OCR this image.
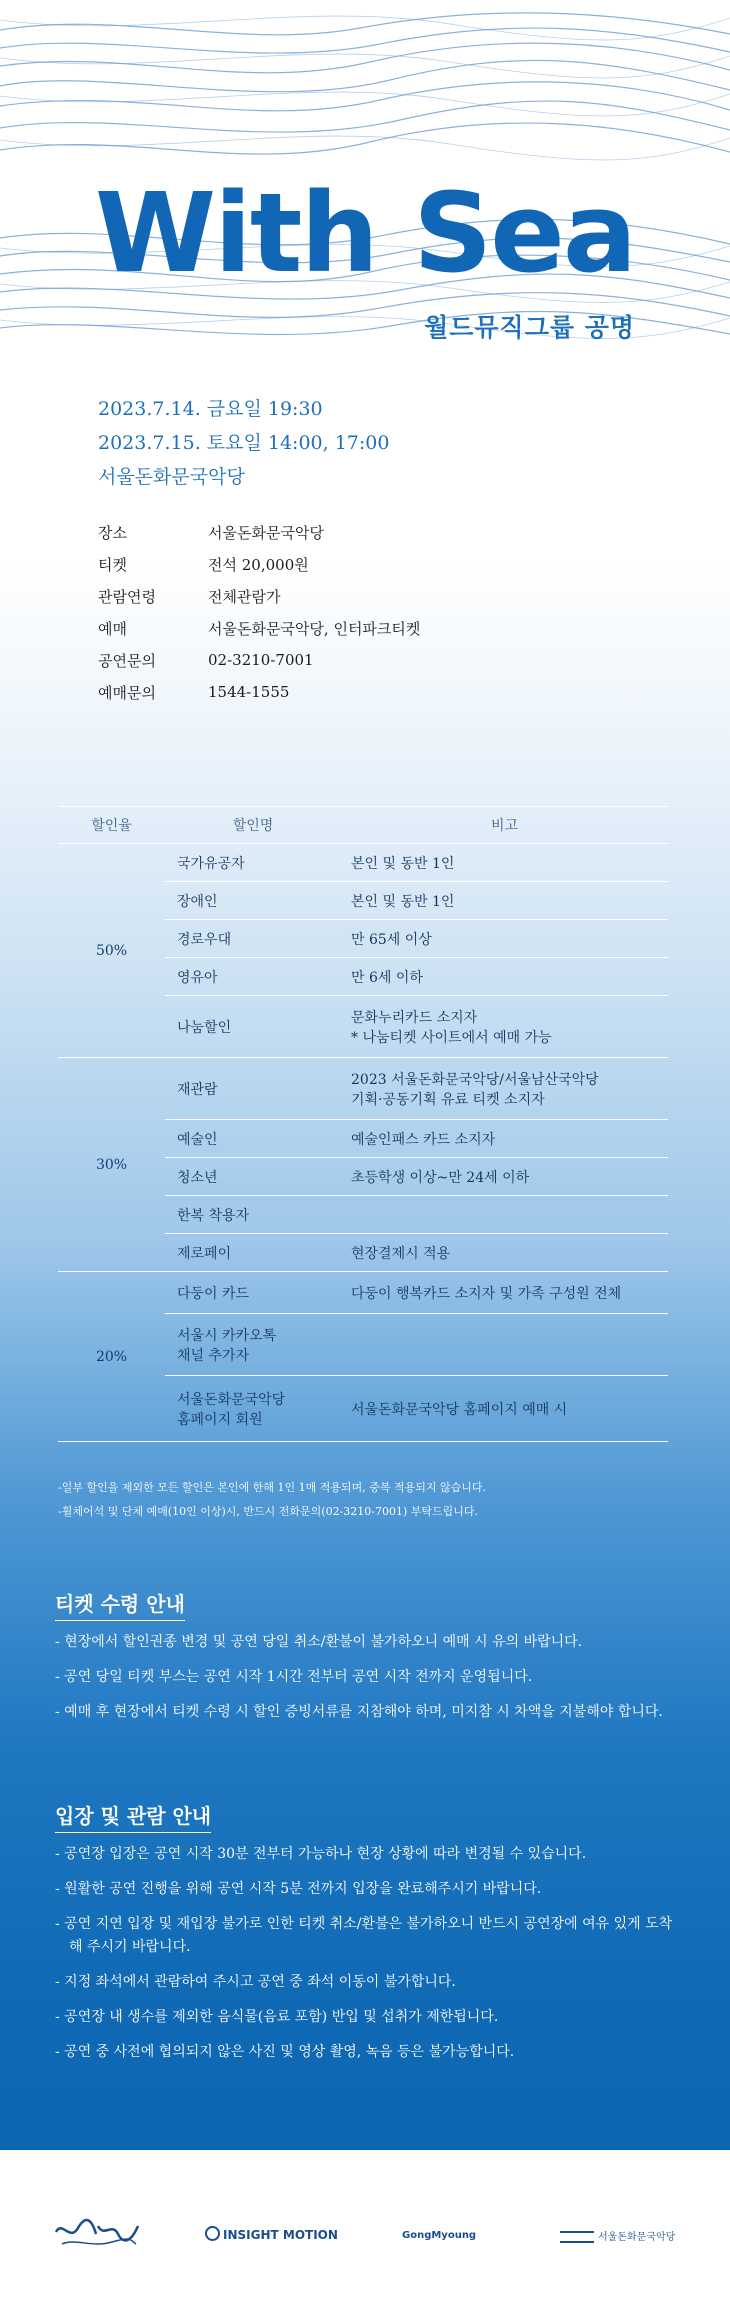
With Sea
월드뮤직그룹 공명
2023.7.14. 금요일 19:30
2023.7.15. 토요일 14:00, 17:00
서울돈화문국악당
장소	서울돈화문국악당
티켓	전석 20,000원
관람연령	전체관람가
예매	서울돈화문국악당, 인터파크티켓
공연문의	02-3210-7001
예매문의	1544-1555
할인율	할인명	비고
50%	국가유공자	본인 및 동반 1인
	장애인	본인 및 동반 1인
	경로우대	만 65세 이상
	영유아	만 6세 이하
	나눔할인	문화누리카드 소지자
* 나눔티켓 사이트에서 예매 가능

30%	재관람	2023 서울돈화문국악당/서울남산국악당
기획·공동기획 유료 티켓 소지자

	예술인	예술인패스 카드 소지자
	청소년	초등학생 이상~만 24세 이하
	한복 착용자	
	제로페이	현장결제시 적용
20%	다둥이 카드	다둥이 행복카드 소지자 및 가족 구성원 전체

	서울시 카카오톡
채널 추가자	

	서울돈화문국악당
홈페이지 회원	서울돈화문국악당 홈페이지 예매 시
-일부 할인을 제외한 모든 할인은 본인에 한해 1인 1매 적용되며, 중복 적용되지 않습니다.
-휠체어석 및 단체 예매(10인 이상)시, 반드시 전화문의(02-3210-7001) 부탁드립니다.
티켓 수령 안내
- 현장에서 할인권종 변경 및 공연 당일 취소/환불이 불가하오니 예매 시 유의 바랍니다.
- 공연 당일 티켓 부스는 공연 시작 1시간 전부터 공연 시작 전까지 운영됩니다.
- 예매 후 현장에서 티켓 수령 시 할인 증빙서류를 지참해야 하며, 미지참 시 차액을 지불해야 합니다.
입장 및 관람 안내
- 공연장 입장은 공연 시작 30분 전부터 가능하나 현장 상황에 따라 변경될 수 있습니다.
- 원활한 공연 진행을 위해 공연 시작 5분 전까지 입장을 완료해주시기 바랍니다.
- 공연 지연 입장 및 재입장 불가로 인한 티켓 취소/환불은 불가하오니 반드시 공연장에 여유 있게 도착해 주시기 바랍니다.
- 지정 좌석에서 관람하여 주시고 공연 중 좌석 이동이 불가합니다.
- 공연장 내 생수를 제외한 음식물(음료 포함) 반입 및 섭취가 제한됩니다.
- 공연 중 사전에 협의되지 않은 사진 및 영상 촬영, 녹음 등은 불가능합니다.
INSIGHT MOTION	GongMyoung	서울돈화문국악당
